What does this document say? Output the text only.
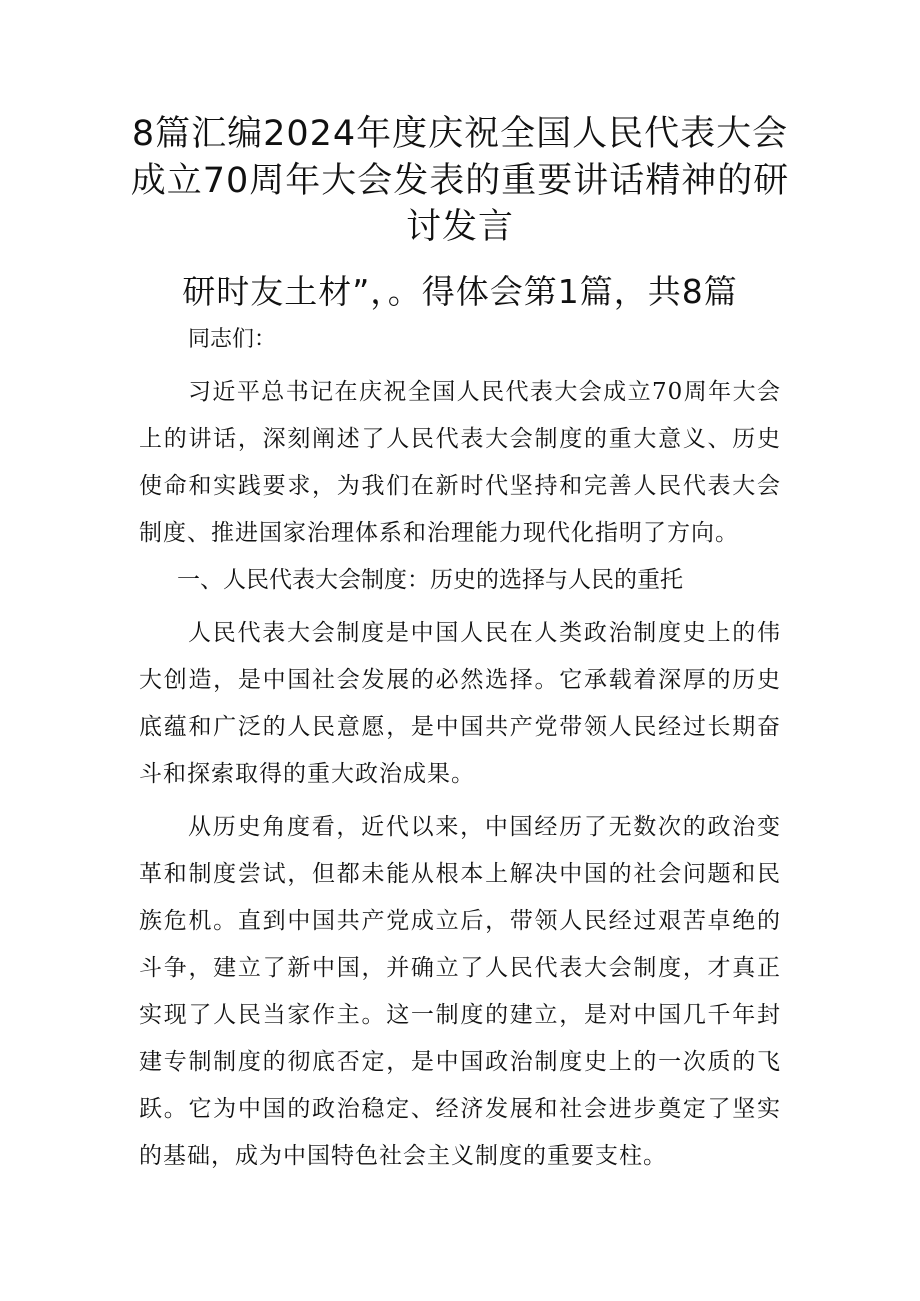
8篇汇编2024年度庆祝全国人民代表大会
成立70周年大会发表的重要讲话精神的研
讨发言
研时友土材”，。得体会第1篇，共8篇
同志们：
习近平总书记在庆祝全国人民代表大会成立70周年大会
上的讲话，深刻阐述了人民代表大会制度的重大意义、历史
使命和实践要求，为我们在新时代坚持和完善人民代表大会
制度、推进国家治理体系和治理能力现代化指明了方向。
一、人民代表大会制度：历史的选择与人民的重托
人民代表大会制度是中国人民在人类政治制度史上的伟
大创造，是中国社会发展的必然选择。它承载着深厚的历史
底蕴和广泛的人民意愿，是中国共产党带领人民经过长期奋
斗和探索取得的重大政治成果。
从历史角度看，近代以来，中国经历了无数次的政治变
革和制度尝试，但都未能从根本上解决中国的社会问题和民
族危机。直到中国共产党成立后，带领人民经过艰苦卓绝的
斗争，建立了新中国，并确立了人民代表大会制度，才真正
实现了人民当家作主。这一制度的建立，是对中国几千年封
建专制制度的彻底否定，是中国政治制度史上的一次质的飞
跃。它为中国的政治稳定、经济发展和社会进步奠定了坚实
的基础，成为中国特色社会主义制度的重要支柱。
